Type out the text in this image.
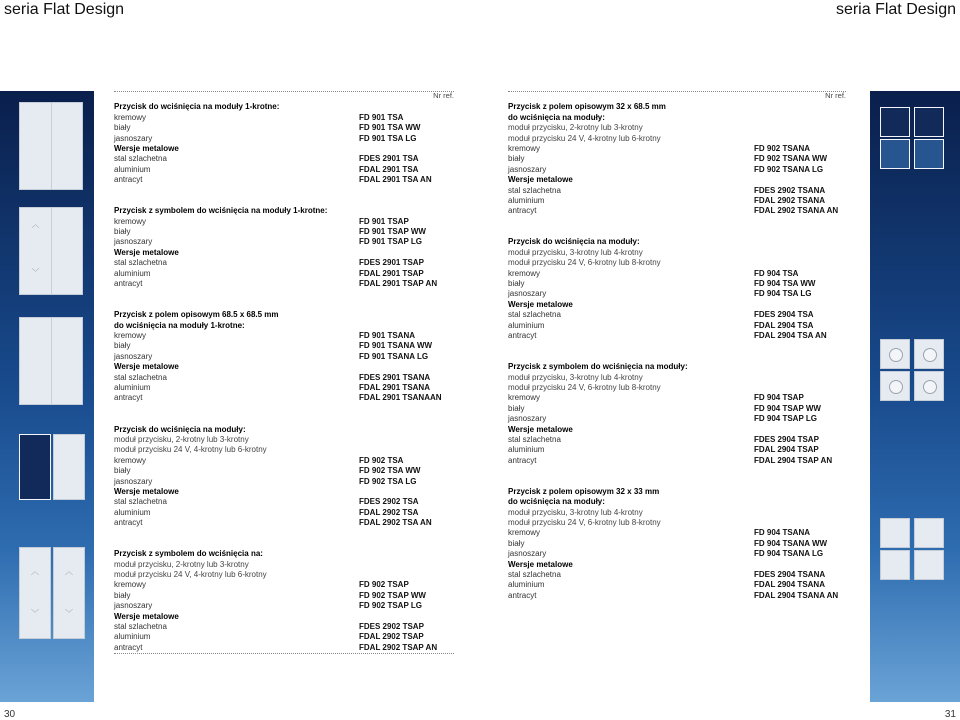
seria Flat Design	seria Flat Design
︿
﹀
︿
﹀
︿
﹀
Nr ref.
Przycisk do wciśnięcia na moduły 1-krotne:
kremowy	FD 901 TSA
biały	FD 901 TSA WW
jasnoszary	FD 901 TSA LG
Wersje metalowe
stal szlachetna	FDES 2901 TSA
aluminium	FDAL 2901 TSA
antracyt	FDAL 2901 TSA AN
Przycisk z symbolem do wciśnięcia na moduły 1-krotne:
kremowy	FD 901 TSAP
biały	FD 901 TSAP WW
jasnoszary	FD 901 TSAP LG
Wersje metalowe
stal szlachetna	FDES 2901 TSAP
aluminium	FDAL 2901 TSAP
antracyt	FDAL 2901 TSAP AN
Przycisk z polem opisowym 68.5 x 68.5 mm
do wciśnięcia na moduły 1-krotne:
kremowy	FD 901 TSANA
biały	FD 901 TSANA WW
jasnoszary	FD 901 TSANA LG
Wersje metalowe
stal szlachetna	FDES 2901 TSANA
aluminium	FDAL 2901 TSANA
antracyt	FDAL 2901 TSANAAN
Przycisk do wciśnięcia na moduły:
moduł przycisku, 2-krotny lub 3-krotny
moduł przycisku 24 V, 4-krotny lub 6-krotny
kremowy	FD 902 TSA
biały	FD 902 TSA WW
jasnoszary	FD 902 TSA LG
Wersje metalowe
stal szlachetna	FDES 2902 TSA
aluminium	FDAL 2902 TSA
antracyt	FDAL 2902 TSA AN
Przycisk z symbolem do wciśnięcia na:
moduł przycisku, 2-krotny lub 3-krotny
moduł przycisku 24 V, 4-krotny lub 6-krotny
kremowy	FD 902 TSAP
biały	FD 902 TSAP WW
jasnoszary	FD 902 TSAP LG
Wersje metalowe
stal szlachetna	FDES 2902 TSAP
aluminium	FDAL 2902 TSAP
antracyt	FDAL 2902 TSAP AN
Nr ref.
Przycisk z polem opisowym 32 x 68.5 mm
do wciśnięcia na moduły:
moduł przycisku, 2-krotny lub 3-krotny
moduł przycisku 24 V, 4-krotny lub 6-krotny
kremowy	FD 902 TSANA
biały	FD 902 TSANA WW
jasnoszary	FD 902 TSANA LG
Wersje metalowe
stal szlachetna	FDES 2902 TSANA
aluminium	FDAL 2902 TSANA
antracyt	FDAL 2902 TSANA AN
Przycisk do wciśnięcia na moduły:
moduł przycisku, 3-krotny lub 4-krotny
moduł przycisku 24 V, 6-krotny lub 8-krotny
kremowy	FD 904 TSA
biały	FD 904 TSA WW
jasnoszary	FD 904 TSA LG
Wersje metalowe
stal szlachetna	FDES 2904 TSA
aluminium	FDAL 2904 TSA
antracyt	FDAL 2904 TSA AN
Przycisk z symbolem do wciśnięcia na moduły:
moduł przycisku, 3-krotny lub 4-krotny
moduł przycisku 24 V, 6-krotny lub 8-krotny
kremowy	FD 904 TSAP
biały	FD 904 TSAP WW
jasnoszary	FD 904 TSAP LG
Wersje metalowe
stal szlachetna	FDES 2904 TSAP
aluminium	FDAL 2904 TSAP
antracyt	FDAL 2904 TSAP AN
Przycisk z polem opisowym 32 x 33 mm
do wciśnięcia na moduły:
moduł przycisku, 3-krotny lub 4-krotny
moduł przycisku 24 V, 6-krotny lub 8-krotny
kremowy	FD 904 TSANA
biały	FD 904 TSANA WW
jasnoszary	FD 904 TSANA LG
Wersje metalowe
stal szlachetna	FDES 2904 TSANA
aluminium	FDAL 2904 TSANA
antracyt	FDAL 2904 TSANA AN
30	31
